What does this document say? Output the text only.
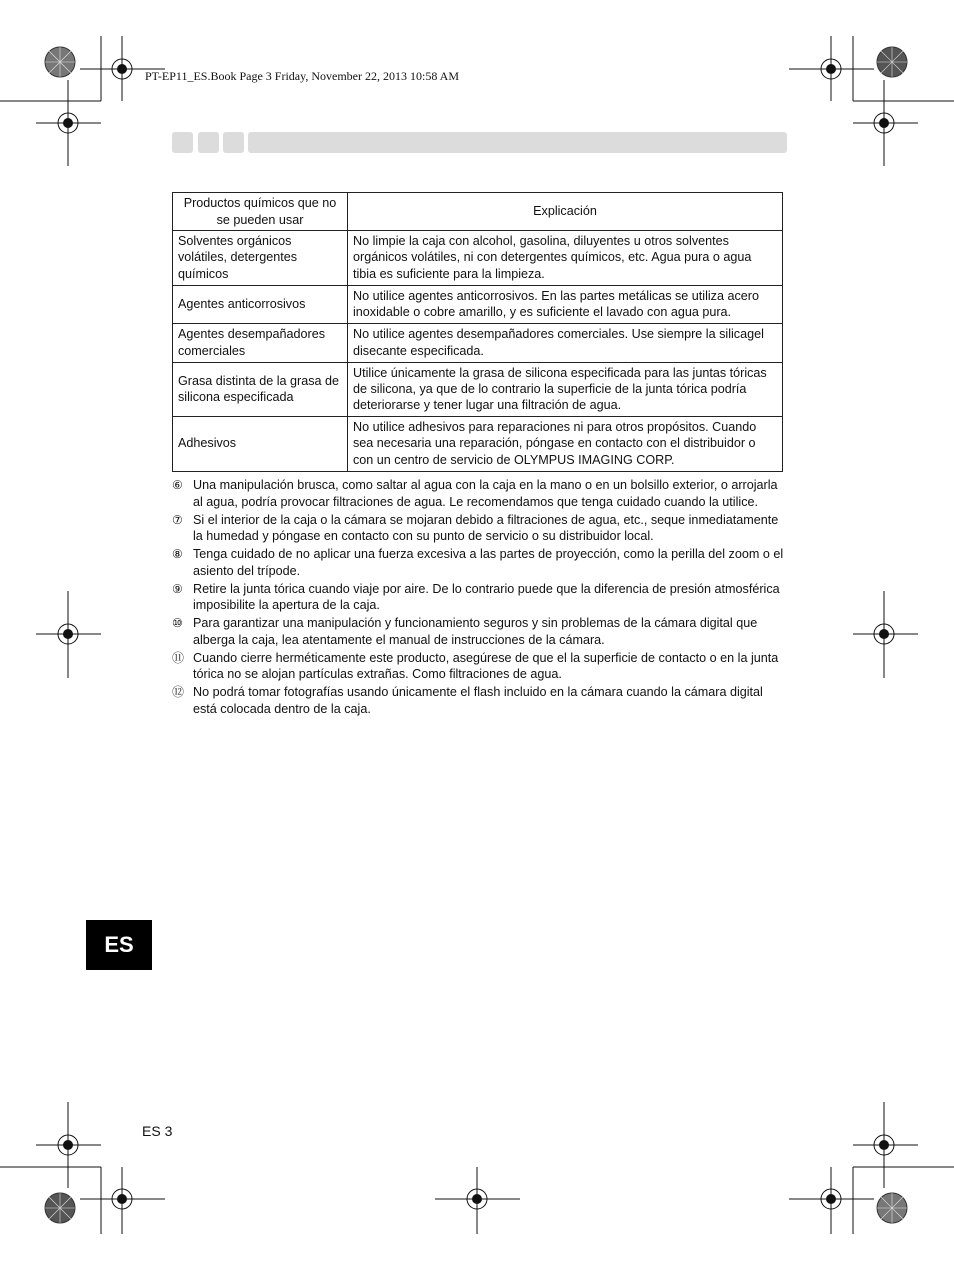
PT-EP11_ES.Book Page 3 Friday, November 22, 2013 10:58 AM
Productos químicos que no se pueden usar	Explicación
Solventes orgánicos volátiles, detergentes químicos	No limpie la caja con alcohol, gasolina, diluyentes u otros solventes orgánicos volátiles, ni con detergentes químicos, etc. Agua pura o agua tibia es suficiente para la limpieza.
Agentes anticorrosivos	No utilice agentes anticorrosivos. En las partes metálicas se utiliza acero inoxidable o cobre amarillo, y es suficiente el lavado con agua pura.
Agentes desempañadores comerciales	No utilice agentes desempañadores comerciales. Use siempre la silicagel disecante especificada.
Grasa distinta de la grasa de silicona especificada	Utilice únicamente la grasa de silicona especificada para las juntas tóricas de silicona, ya que de lo contrario la superficie de la junta tórica podría deteriorarse y tener lugar una filtración de agua.
Adhesivos	No utilice adhesivos para reparaciones ni para otros propósitos. Cuando sea necesaria una reparación, póngase en contacto con el distribuidor o con un centro de servicio de OLYMPUS IMAGING CORP.
⑥ Una manipulación brusca, como saltar al agua con la caja en la mano o en un bolsillo exterior, o arrojarla al agua, podría provocar filtraciones de agua. Le recomendamos que tenga cuidado cuando la utilice.
⑦ Si el interior de la caja o la cámara se mojaran debido a filtraciones de agua, etc., seque inmediatamente la humedad y póngase en contacto con su punto de servicio o su distribuidor local.
⑧ Tenga cuidado de no aplicar una fuerza excesiva a las partes de proyección, como la perilla del zoom o el asiento del trípode.
⑨ Retire la junta tórica cuando viaje por aire. De lo contrario puede que la diferencia de presión atmosférica imposibilite la apertura de la caja.
⑩ Para garantizar una manipulación y funcionamiento seguros y sin problemas de la cámara digital que alberga la caja, lea atentamente el manual de instrucciones de la cámara.
⑪ Cuando cierre herméticamente este producto, asegúrese de que el la superficie de contacto o en la junta tórica no se alojan partículas extrañas. Como filtraciones de agua.
⑫ No podrá tomar fotografías usando únicamente el flash incluido en la cámara cuando la cámara digital está colocada dentro de la caja.
ES
ES 3
